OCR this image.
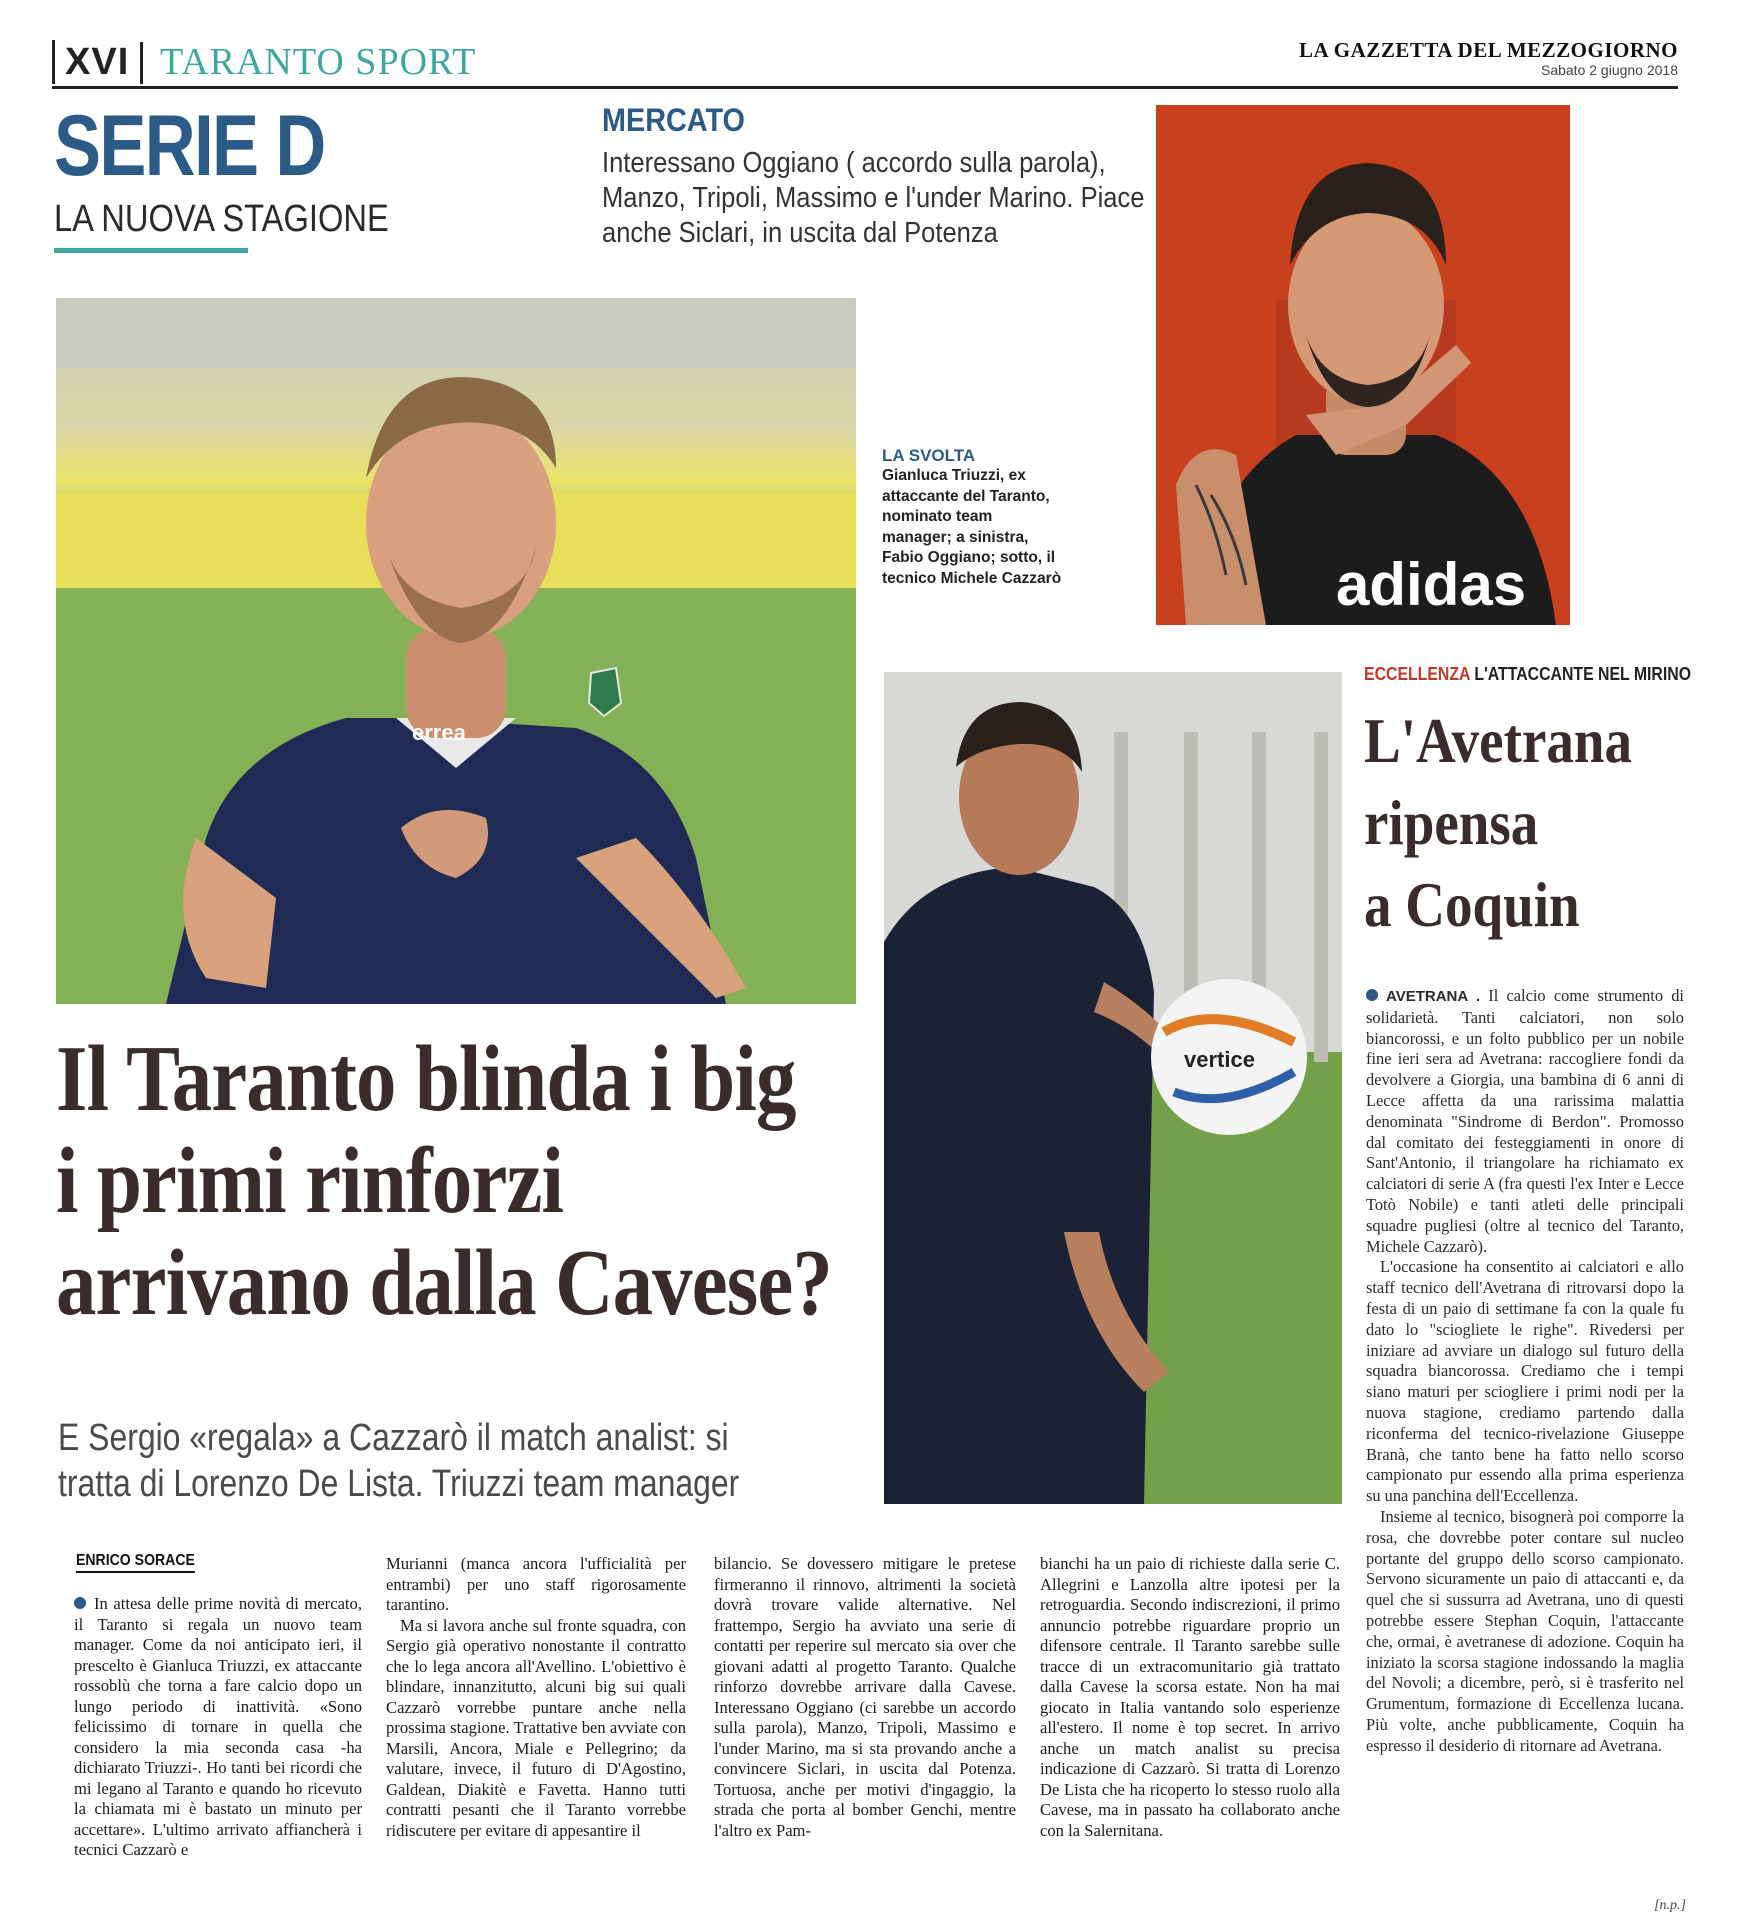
XVI TARANTO SPORT	LA GAZZETTA DEL MEZZOGIORNO
Sabato 2 giugno 2018
SERIE D
LA NUOVA STAGIONE
MERCATO
Interessano Oggiano ( accordo sulla parola), Manzo, Tripoli, Massimo e l'under Marino. Piace anche Siclari, in uscita dal Potenza
errea
LA SVOLTA
Gianluca Triuzzi, ex attaccante del Taranto, nominato team manager; a sinistra, Fabio Oggiano; sotto, il tecnico Michele Cazzarò	adidas
vertice
ECCELLENZA L'ATTACCANTE NEL MIRINO
L'Avetrana
ripensa
a Coquin

AVETRANA . Il calcio come strumento di solidarietà. Tanti calciatori, non solo biancorossi, e un folto pubblico per un nobile fine ieri sera ad Avetrana: raccogliere fondi da devolvere a Giorgia, una bambina di 6 anni di Lecce affetta da una rarissima malattia denominata "Sindrome di Berdon". Promosso dal comitato dei festeggiamenti in onore di Sant'Antonio, il triangolare ha richiamato ex calciatori di serie A (fra questi l'ex Inter e Lecce Totò Nobile) e tanti atleti delle principali squadre pugliesi (oltre al tecnico del Taranto, Michele Cazzarò).

L'occasione ha consentito ai calciatori e allo staff tecnico dell'Avetrana di ritrovarsi dopo la festa di un paio di settimane fa con la quale fu dato lo "sciogliete le righe". Rivedersi per iniziare ad avviare un dialogo sul futuro della squadra biancorossa. Crediamo che i tempi siano maturi per sciogliere i primi nodi per la nuova stagione, crediamo partendo dalla riconferma del tecnico-rivelazione Giuseppe Branà, che tanto bene ha fatto nello scorso campionato pur essendo alla prima esperienza su una panchina dell'Eccellenza.

Insieme al tecnico, bisognerà poi comporre la rosa, che dovrebbe poter contare sul nucleo portante del gruppo dello scorso campionato. Servono sicuramente un paio di attaccanti e, da quel che si sussurra ad Avetrana, uno di questi potrebbe essere Stephan Coquin, l'attaccante che, ormai, è avetranese di adozione. Coquin ha iniziato la scorsa stagione indossando la maglia del Novoli; a dicembre, però, si è trasferito nel Grumentum, formazione di Eccellenza lucana. Più volte, anche pubblicamente, Coquin ha espresso il desiderio di ritornare ad Avetrana.

[n.p.]
Il Taranto blinda i big
i primi rinforzi
arrivano dalla Cavese?
E Sergio «regala» a Cazzarò il match analist: si
tratta di Lorenzo De Lista. Triuzzi team manager
ENRICO SORACE
In attesa delle prime novità di mercato, il Taranto si regala un nuovo team manager. Come da noi anticipato ieri, il prescelto è Gianluca Triuzzi, ex attaccante rossoblù che torna a fare calcio dopo un lungo periodo di inattività. «Sono felicissimo di tornare in quella che considero la mia seconda casa -ha dichiarato Triuzzi-. Ho tanti bei ricordi che mi legano al Taranto e quando ho ricevuto la chiamata mi è bastato un minuto per accettare». L'ultimo arrivato affiancherà i tecnici Cazzarò e

Murianni (manca ancora l'ufficialità per entrambi) per uno staff rigorosamente tarantino.

Ma si lavora anche sul fronte squadra, con Sergio già operativo nonostante il contratto che lo lega ancora all'Avellino. L'obiettivo è blindare, innanzitutto, alcuni big sui quali Cazzarò vorrebbe puntare anche nella prossima stagione. Trattative ben avviate con Marsili, Ancora, Miale e Pellegrino; da valutare, invece, il futuro di D'Agostino, Galdean, Diakitè e Favetta. Hanno tutti contratti pesanti che il Taranto vorrebbe ridiscutere per evitare di appesantire il

bilancio. Se dovessero mitigare le pretese firmeranno il rinnovo, altrimenti la società dovrà trovare valide alternative. Nel frattempo, Sergio ha avviato una serie di contatti per reperire sul mercato sia over che giovani adatti al progetto Taranto. Qualche rinforzo dovrebbe arrivare dalla Cavese. Interessano Oggiano (ci sarebbe un accordo sulla parola), Manzo, Tripoli, Massimo e l'under Marino, ma si sta provando anche a convincere Siclari, in uscita dal Potenza. Tortuosa, anche per motivi d'ingaggio, la strada che porta al bomber Genchi, mentre l'altro ex Pam-
bianchi ha un paio di richieste dalla serie C. Allegrini e Lanzolla altre ipotesi per la retroguardia. Secondo indiscrezioni, il primo annuncio potrebbe riguardare proprio un difensore centrale. Il Taranto sarebbe sulle tracce di un extracomunitario già trattato dalla Cavese la scorsa estate. Non ha mai giocato in Italia vantando solo esperienze all'estero. Il nome è top secret. In arrivo anche un match analist su precisa indicazione di Cazzarò. Si tratta di Lorenzo De Lista che ha ricoperto lo stesso ruolo alla Cavese, ma in passato ha collaborato anche con la Salernitana.
